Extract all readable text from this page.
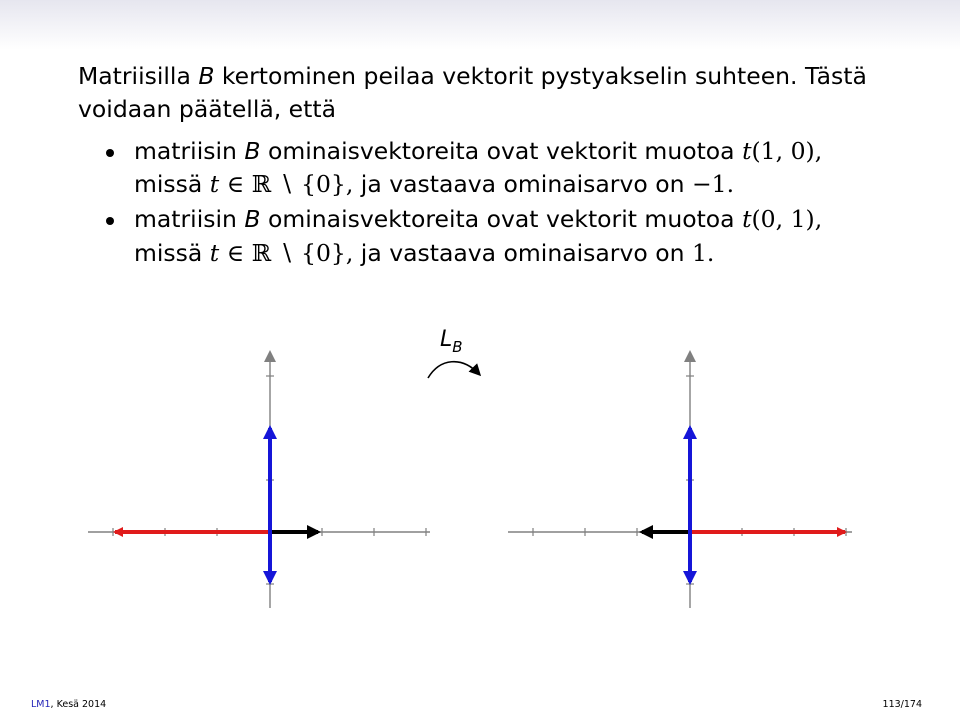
Matriisilla B kertominen peilaa vektorit pystyakselin suhteen. Tästä voidaan päätellä, että

matriisin B ominaisvektoreita ovat vektorit muotoa t(1, 0),
missä t ∈ ℝ ∖ {0}, ja vastaava ominaisarvo on −1.
matriisin B ominaisvektoreita ovat vektorit muotoa t(0, 1),
missä t ∈ ℝ ∖ {0}, ja vastaava ominaisarvo on 1.
$L_B$
LM1, Kesä 2014	113/174
